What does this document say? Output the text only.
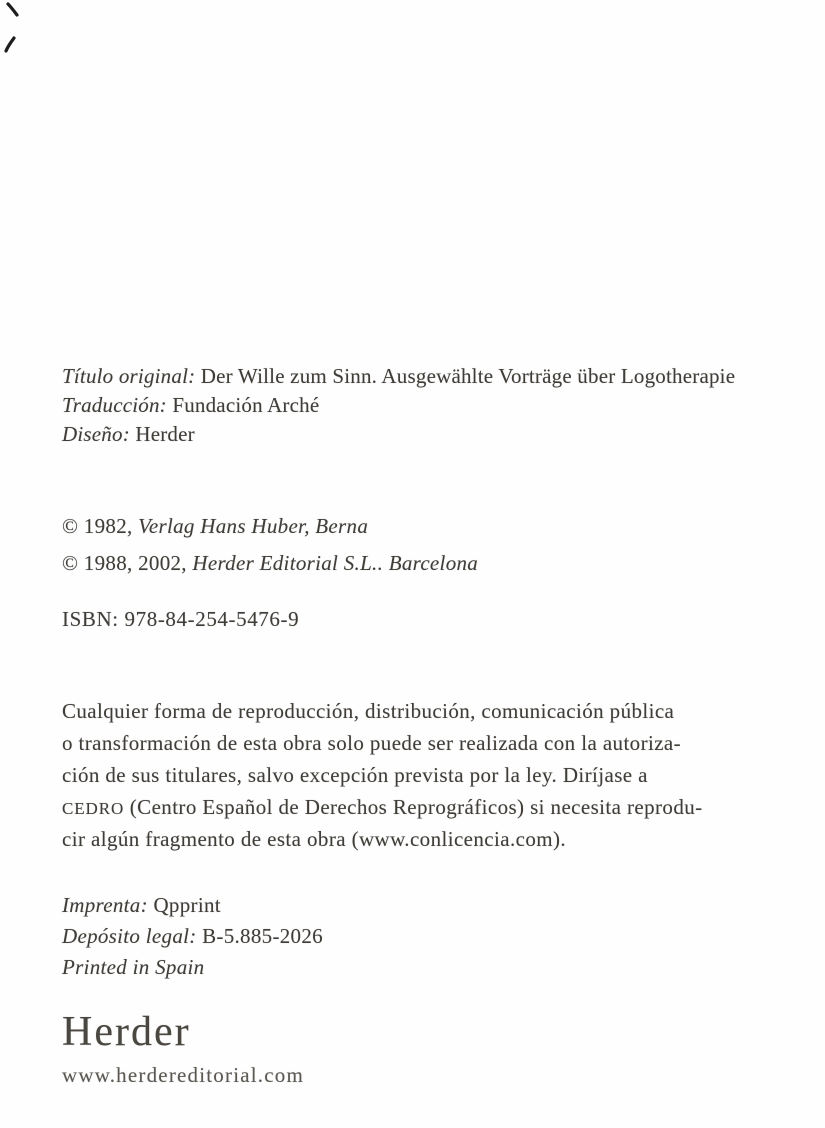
Título original: Der Wille zum Sinn. Ausgewählte Vorträge über Logotherapie
Traducción: Fundación Arché
Diseño: Herder
© 1982, Verlag Hans Huber, Berna
© 1988, 2002, Herder Editorial S.L.. Barcelona
ISBN: 978-84-254-5476-9
Cualquier forma de reproducción, distribución, comunicación pública
o transformación de esta obra solo puede ser realizada con la autoriza-
ción de sus titulares, salvo excepción prevista por la ley. Diríjase a
CEDRO (Centro Español de Derechos Reprográficos) si necesita reprodu-
cir algún fragmento de esta obra (www.conlicencia.com).
Imprenta: Qpprint
Depósito legal: B-5.885-2026
Printed in Spain
Herder
www.herdereditorial.com
